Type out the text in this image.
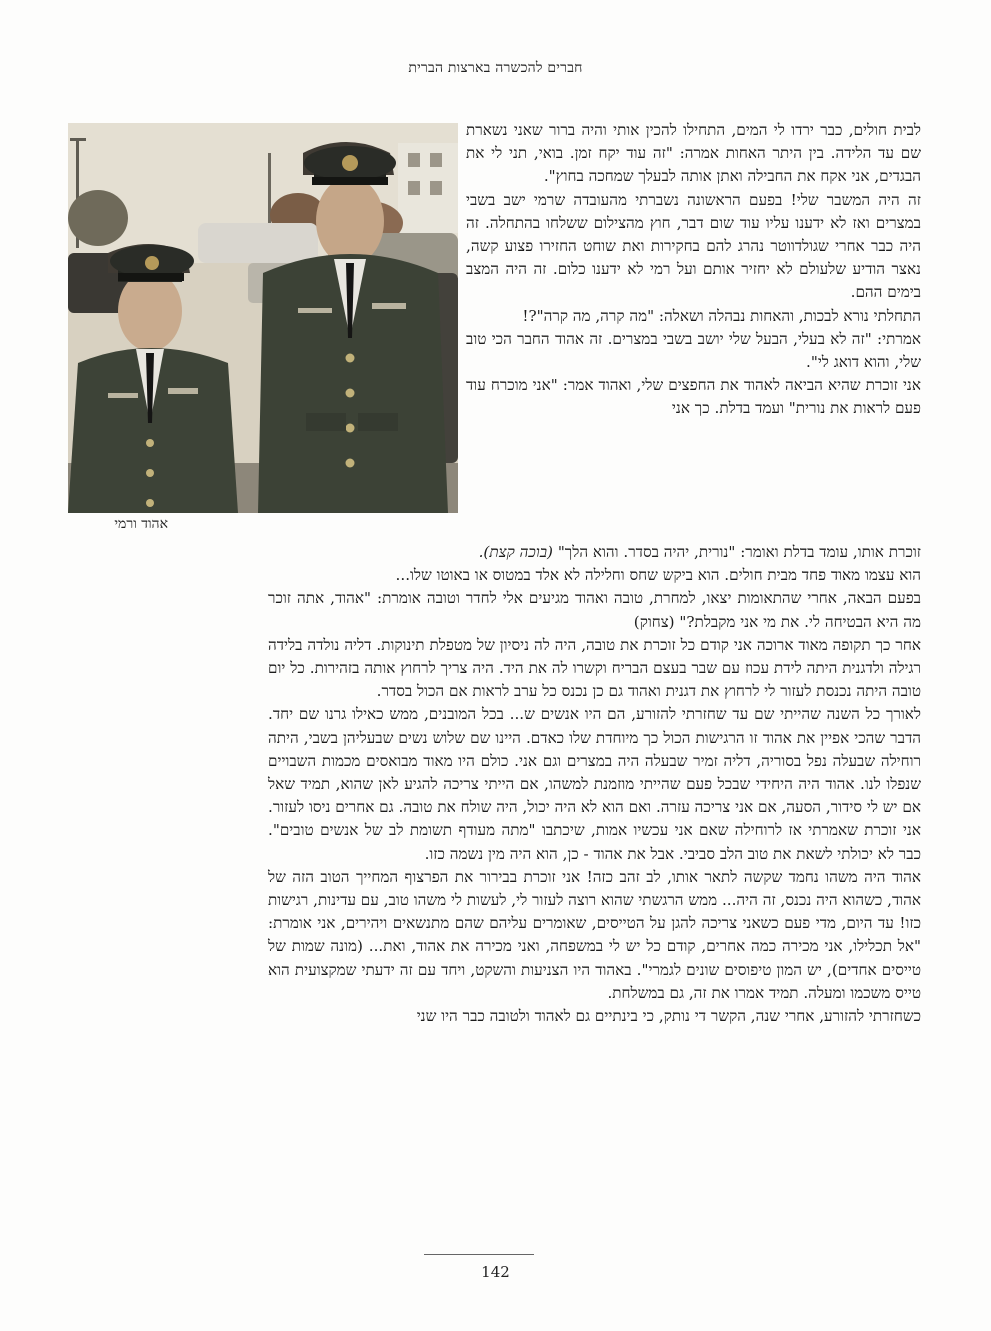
חברים להכשרה בארצות הברית
אהוד ורמי

לבית חולים, כבר ירדו לי המים, התחילו להכין אותי והיה ברור שאני נשארת שם עד הלידה. בין היתר האחות אמרה: "זה עוד יקח זמן. בואי, תני לי את הבגדים, אני אקח את החבילה ואתן אותה לבעלך שמחכה בחוץ".

זה היה המשבר שלי! בפעם הראשונה נשברתי מהעובדה שרמי ישב בשבי במצרים ואז לא ידענו עליו עוד שום דבר, חוץ מהצילום ששלחו בהתחלה. זה היה כבר אחרי שגולדווטר נהרג להם בחקירות ואת שוחט החזירו פצוע קשה, נאצר הודיע שלעולם לא יחזיר אותם ועל רמי לא ידענו כלום. זה היה המצב בימים ההם.

התחלתי נורא לבכות, והאחות נבהלה ושאלה: "מה קרה, מה קרה"?!

אמרתי: "זה לא בעלי, הבעל שלי יושב בשבי במצרים. זה אהוד החבר הכי טוב שלי, והוא דואג לי".

אני זוכרת שהיא הביאה לאהוד את החפצים שלי, ואהוד אמר: "אני מוכרח עוד פעם לראות את נורית" ועמד בדלת. כך אני

זוכרת אותו, עומד בדלת ואומר: "נורית, יהיה בסדר. והוא הלך" (בוכה קצת).

הוא עצמו מאוד פחד מבית חולים. הוא ביקש שחס וחלילה לא אלד במטוס או באוטו שלו...

בפעם הבאה, אחרי שהתאומות יצאו, למחרת, טובה ואהוד מגיעים אלי לחדר וטובה אומרת: "אהוד, אתה זוכר מה היא הבטיחה לי. את מי אני מקבלת?" (צחוק)

אחר כך תקופה מאוד ארוכה אני קודם כל זוכרת את טובה, היה לה ניסיון של מטפלת תינוקות. דליה נולדה בלידה רגילה ולדגנית היתה לידת עכוז עם שבר בעצם הבריח וקשרו לה את היד. היה צריך לרחוץ אותה בזהירות. כל יום טובה היתה נכנסת לעזור לי לרחוץ את דגנית ואהוד גם כן נכנס כל ערב לראות אם הכול בסדר.

לאורך כל השנה שהייתי שם עד שחזרתי להזורע, הם היו אנשים ש... בכל המובנים, ממש כאילו גרנו שם יחד. הדבר שהכי אפיין את אהוד זו הרגישות הכול כך מיוחדת שלו כאדם. היינו שם שלוש נשים שבעליהן בשבי, היתה רוחילה שבעלה נפל בסוריה, דליה זמיר שבעלה היה במצרים וגם אני. כולם היו מאוד מבואסים מכמות השבויים שנפלו לנו. אהוד היה היחידי שבכל פעם שהייתי מוזמנת למשהו, אם הייתי צריכה להגיע לאן שהוא, תמיד שאל אם יש לי סידור, הסעה, אם אני צריכה עזרה. ואם הוא לא היה יכול, היה שולח את טובה. גם אחרים ניסו לעזור. אני זוכרת שאמרתי אז לרוחילה שאם אני עכשיו אמות, שיכתבו "מתה מעודף תשומת לב של אנשים טובים". כבר לא יכולתי לשאת את טוב הלב סביבי. אבל את אהוד - כן, הוא היה מין נשמה כזו.

אהוד היה משהו נחמד שקשה לתאר אותו, לב זהב כזה! אני זוכרת בבירור את הפרצוף המחייך הטוב הזה של אהוד, כשהוא היה נכנס, זה היה... ממש הרגשתי שהוא רוצה לעזור לי, לעשות לי משהו טוב, עם עדינות, רגישות כזו! עד היום, מדי פעם כשאני צריכה להגן על הטייסים, שאומרים עליהם שהם מתנשאים ויהירים, אני אומרת: "אל תכלילו, אני מכירה כמה אחרים, קודם כל יש לי במשפחה, ואני מכירה את אהוד, ואת... (מונה שמות של טייסים אחדים), יש המון טיפוסים שונים לגמרי". באהוד היו הצניעות והשקט, ויחד עם זה ידעתי שמקצועית הוא טייס משכמו ומעלה. תמיד אמרו את זה, גם במשלחת.

כשחזרתי להזורע, אחרי שנה, הקשר די נותק, כי בינתיים גם לאהוד ולטובה כבר היו שני

142
